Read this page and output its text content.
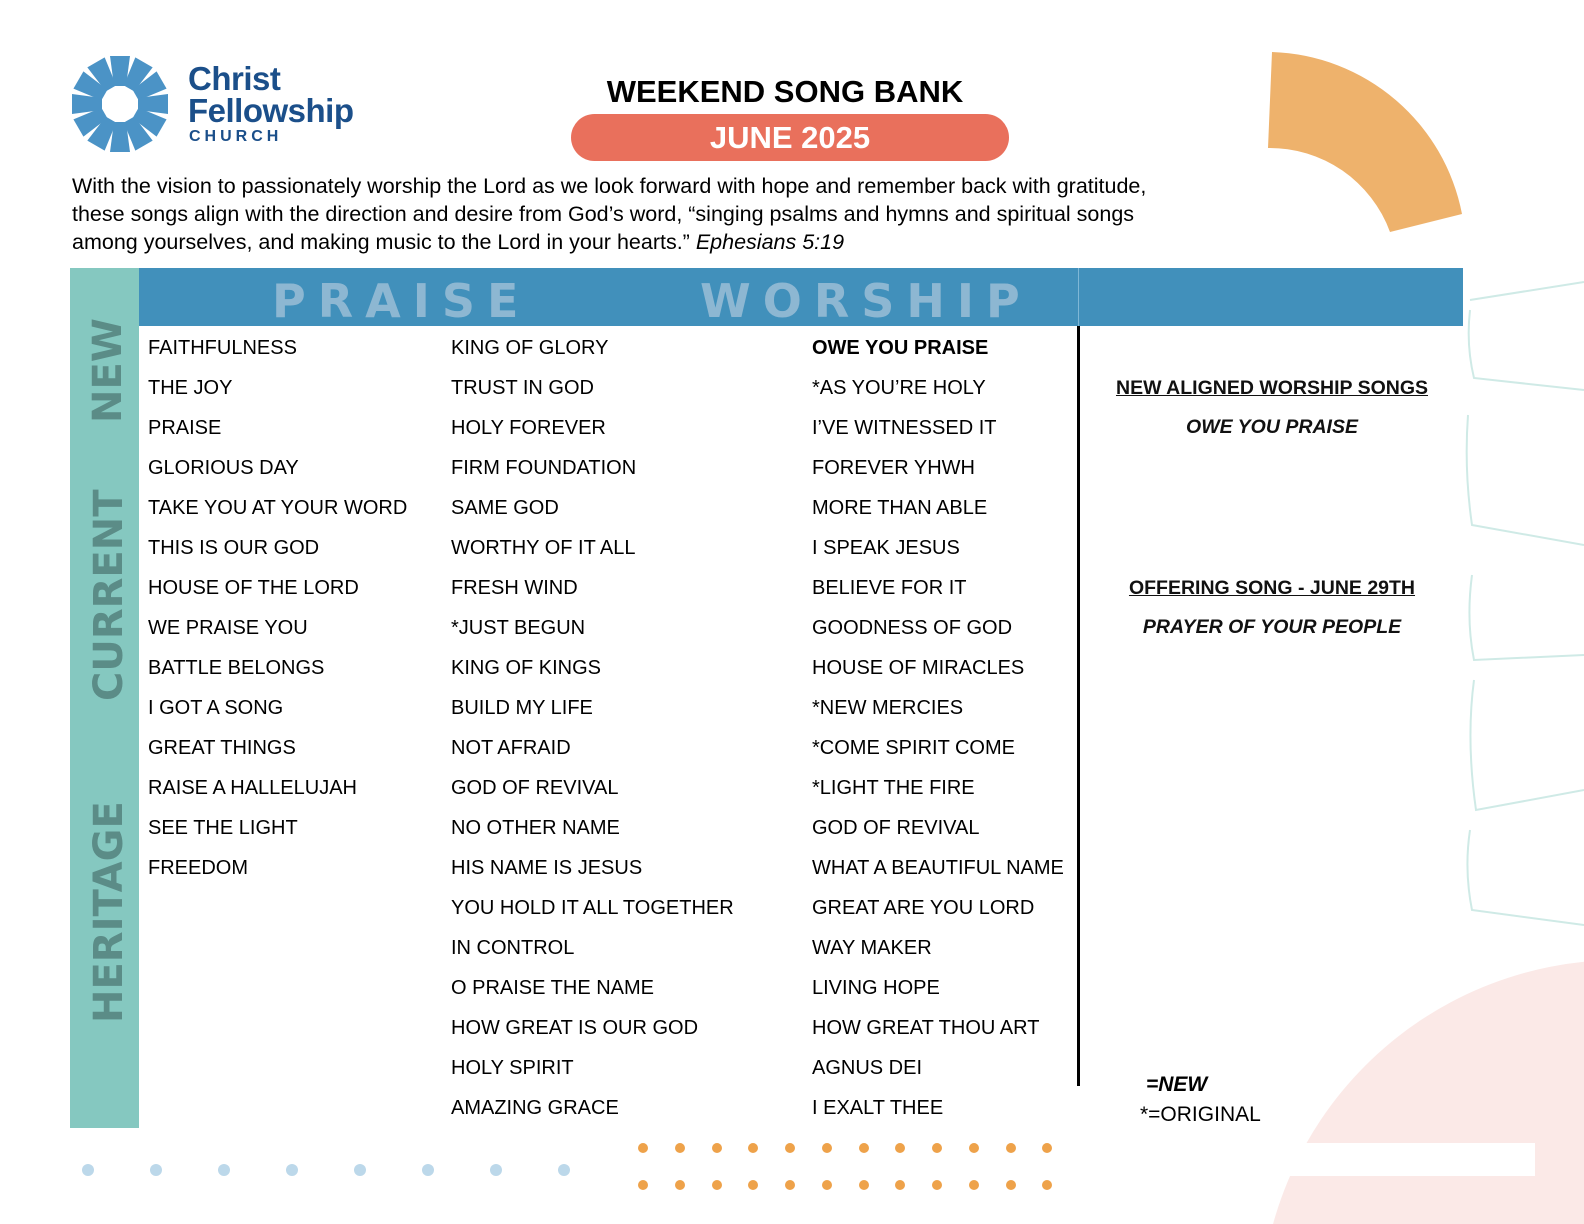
Christ
Fellowship
CHURCH
WEEKEND SONG BANK
JUNE 2025
With the vision to passionately worship the Lord as we look forward with hope and remember back with gratitude, these songs align with the direction and desire from God’s word, “singing psalms and hymns and spiritual songs among yourselves, and making music to the Lord in your hearts.” Ephesians 5:19
PRAISE	WORSHIP
NEW
CURRENT
HERITAGE
FAITHFULNESS
THE JOY
PRAISE
GLORIOUS DAY
TAKE YOU AT YOUR WORD
THIS IS OUR GOD
HOUSE OF THE LORD
WE PRAISE YOU
BATTLE BELONGS
I GOT A SONG
GREAT THINGS
RAISE A HALLELUJAH
SEE THE LIGHT
FREEDOM
KING OF GLORY
TRUST IN GOD
HOLY FOREVER
FIRM FOUNDATION
SAME GOD
WORTHY OF IT ALL
FRESH WIND
*JUST BEGUN
KING OF KINGS
BUILD MY LIFE
NOT AFRAID
GOD OF REVIVAL
NO OTHER NAME
HIS NAME IS JESUS
YOU HOLD IT ALL TOGETHER
IN CONTROL
O PRAISE THE NAME
HOW GREAT IS OUR GOD
HOLY SPIRIT
AMAZING GRACE
OWE YOU PRAISE
*AS YOU’RE HOLY
I’VE WITNESSED IT
FOREVER YHWH
MORE THAN ABLE
I SPEAK JESUS
BELIEVE FOR IT
GOODNESS OF GOD
HOUSE OF MIRACLES
*NEW MERCIES
*COME SPIRIT COME
*LIGHT THE FIRE
GOD OF REVIVAL
WHAT A BEAUTIFUL NAME
GREAT ARE YOU LORD
WAY MAKER
LIVING HOPE
HOW GREAT THOU ART
AGNUS DEI
I EXALT THEE
NEW ALIGNED WORSHIP SONGS
OWE YOU PRAISE
OFFERING SONG - JUNE 29TH
PRAYER OF YOUR PEOPLE
=NEW
*=ORIGINAL
